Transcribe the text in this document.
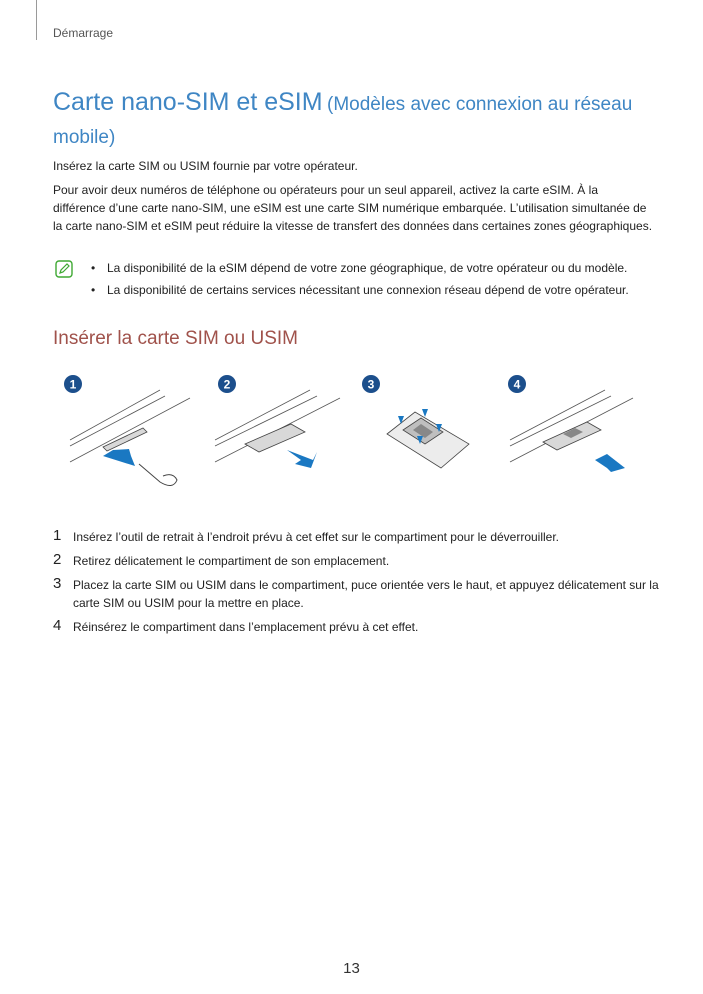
Démarrage
Carte nano-SIM et eSIM (Modèles avec connexion au réseau mobile)

Insérez la carte SIM ou USIM fournie par votre opérateur.

Pour avoir deux numéros de téléphone ou opérateurs pour un seul appareil, activez la carte eSIM. À la différence d’une carte nano-SIM, une eSIM est une carte SIM numérique embarquée. L’utilisation simultanée de la carte nano-SIM et eSIM peut réduire la vitesse de transfert des données dans certaines zones géographiques.

• La disponibilité de la eSIM dépend de votre zone géographique, de votre opérateur ou du modèle.
• La disponibilité de certains services nécessitant une connexion réseau dépend de votre opérateur.
Insérer la carte SIM ou USIM
1	2	3	4
1 Insérez l’outil de retrait à l’endroit prévu à cet effet sur le compartiment pour le déverrouiller.
2 Retirez délicatement le compartiment de son emplacement.
3 Placez la carte SIM ou USIM dans le compartiment, puce orientée vers le haut, et appuyez délicatement sur la carte SIM ou USIM pour la mettre en place.
4 Réinsérez le compartiment dans l’emplacement prévu à cet effet.
13
